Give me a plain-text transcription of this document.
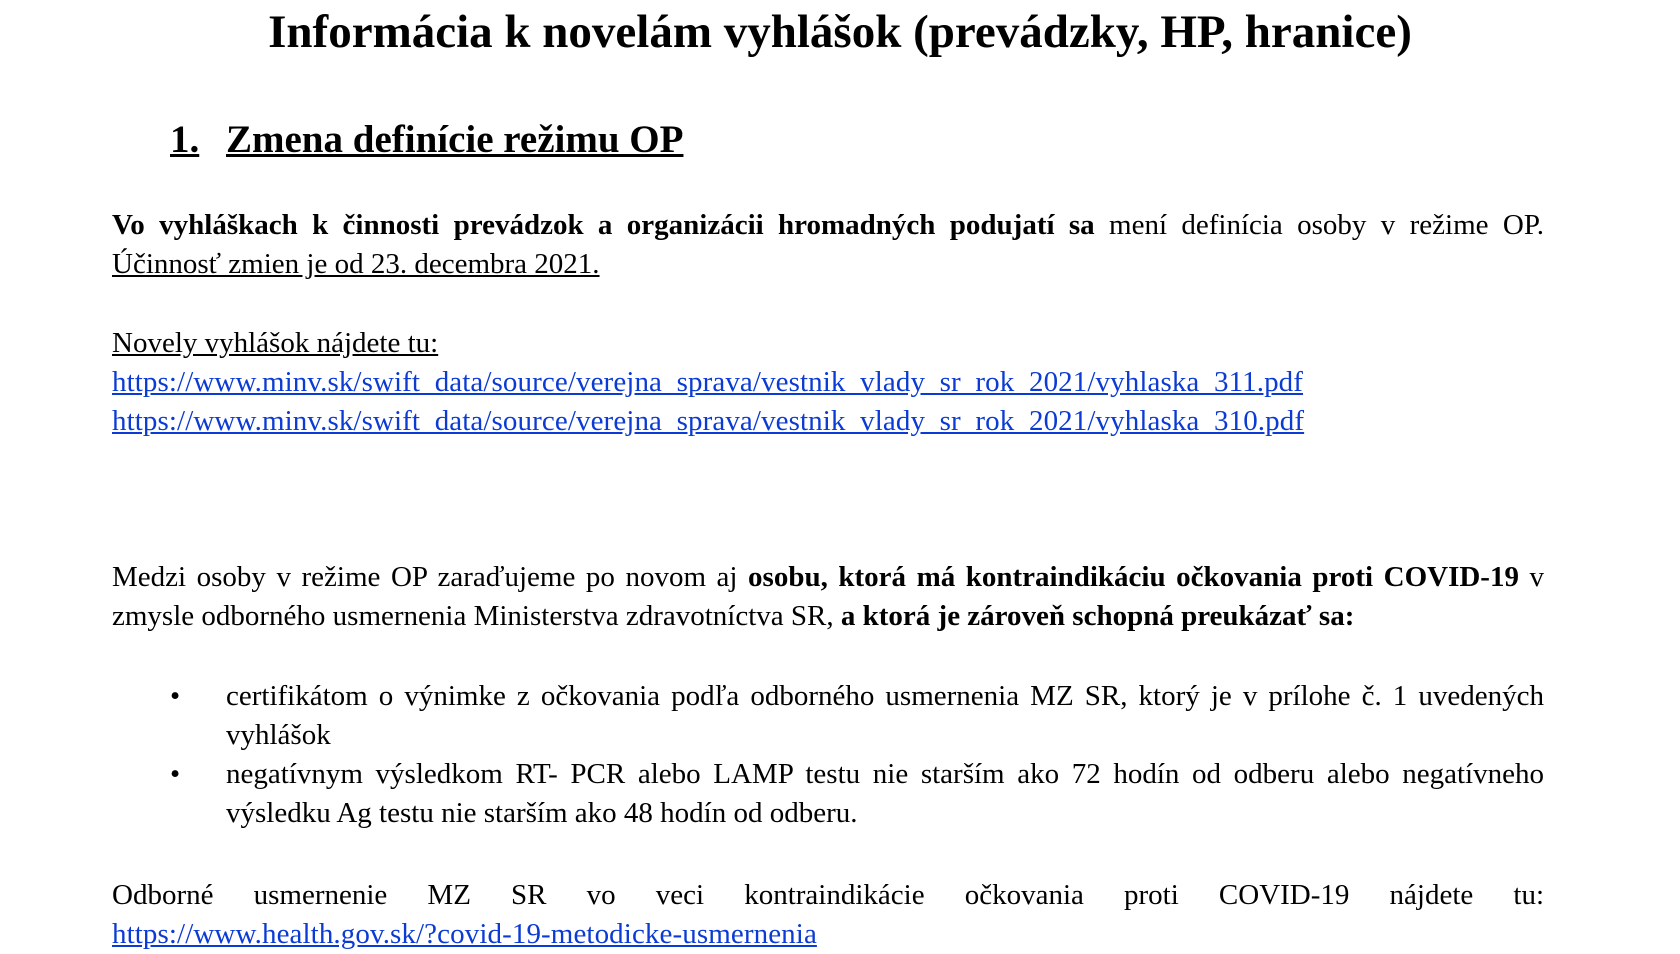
Informácia k novelám vyhlášok (prevádzky, HP, hranice)
1. Zmena definície režimu OP

Vo vyhláškach k činnosti prevádzok a organizácii hromadných podujatí sa mení definícia osoby v režime OP. Účinnosť zmien je od 23. decembra 2021.

Novely vyhlášok nájdete tu:
https://www.minv.sk/swift_data/source/verejna_sprava/vestnik_vlady_sr_rok_2021/vyhlaska_311.pdf
https://www.minv.sk/swift_data/source/verejna_sprava/vestnik_vlady_sr_rok_2021/vyhlaska_310.pdf

Medzi osoby v režime OP zaraďujeme po novom aj osobu, ktorá má kontraindikáciu očkovania proti COVID-19 v zmysle odborného usmernenia Ministerstva zdravotníctva SR, a ktorá je zároveň schopná preukázať sa:

• certifikátom o výnimke z očkovania podľa odborného usmernenia MZ SR, ktorý je v prílohe č. 1 uvedených vyhlášok
• negatívnym výsledkom RT- PCR alebo LAMP testu nie starším ako 72 hodín od odberu alebo negatívneho výsledku Ag testu nie starším ako 48 hodín od odberu.
Odborné usmernenie MZ SR vo veci kontraindikácie očkovania proti COVID-19 nájdete tu:
https://www.health.gov.sk/?covid-19-metodicke-usmernenia
